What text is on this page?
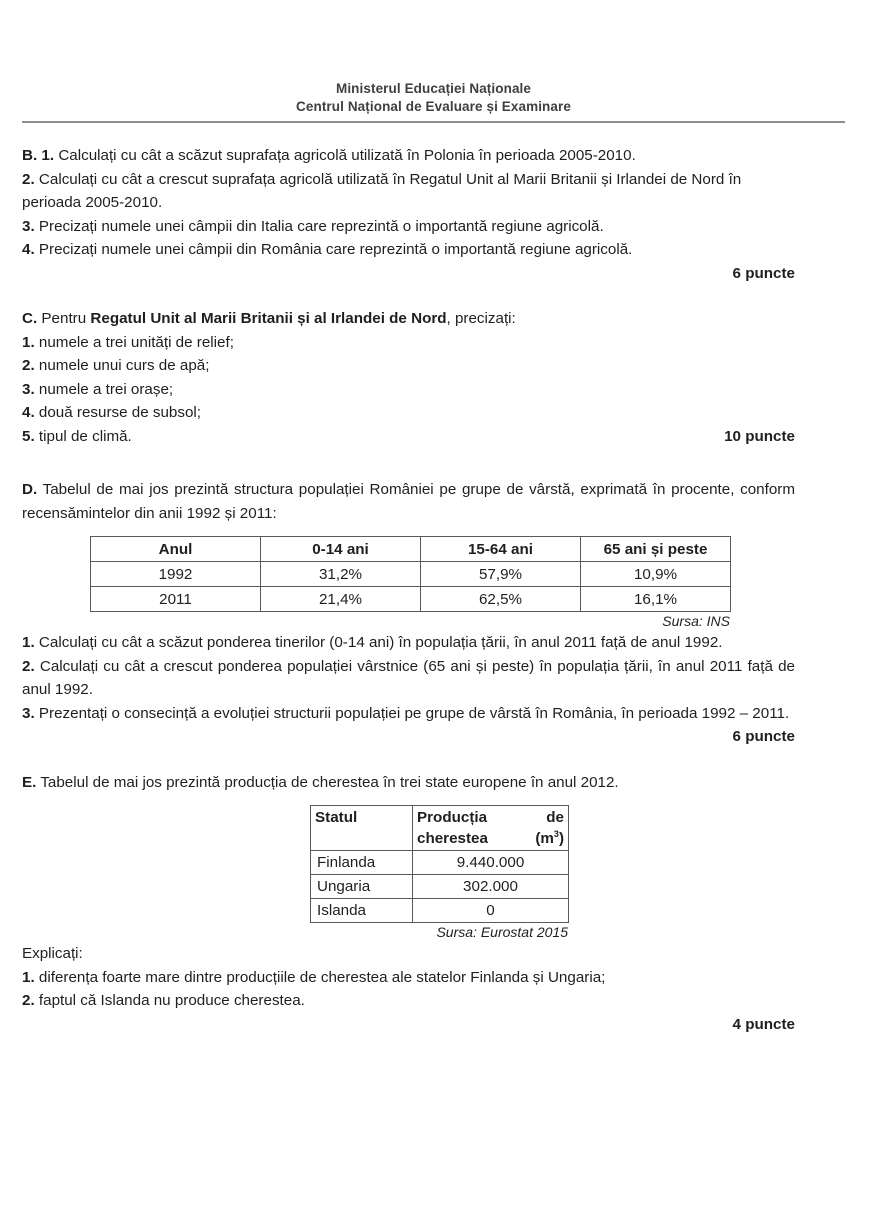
Ministerul Educației Naționale
Centrul Național de Evaluare și Examinare
B. 1. Calculați cu cât a scăzut suprafața agricolă utilizată în Polonia în perioada 2005-2010.
2. Calculați cu cât a crescut suprafața agricolă utilizată în Regatul Unit al Marii Britanii și Irlandei de Nord în perioada 2005-2010.
3. Precizați numele unei câmpii din Italia care reprezintă o importantă regiune agricolă.
4. Precizați numele unei câmpii din România care reprezintă o importantă regiune agricolă.
6 puncte
C. Pentru Regatul Unit al Marii Britanii și al Irlandei de Nord, precizați:
1. numele a trei unități de relief;
2. numele unui curs de apă;
3. numele a trei orașe;
4. două resurse de subsol;
5. tipul de climă.	10 puncte
D. Tabelul de mai jos prezintă structura populației României pe grupe de vârstă, exprimată în procente, conform recensămintelor din anii 1992 și 2011:
Anul	0-14 ani	15-64 ani	65 ani și peste
1992	31,2%	57,9%	10,9%
2011	21,4%	62,5%	16,1%
Sursa: INS
1. Calculați cu cât a scăzut ponderea tinerilor (0-14 ani) în populația țării, în anul 2011 față de anul 1992.
2. Calculați cu cât a crescut ponderea populației vârstnice (65 ani și peste) în populația țării, în anul 2011 față de anul 1992.
3. Prezentați o consecință a evoluției structurii populației pe grupe de vârstă în România, în perioada 1992 – 2011.
6 puncte
E. Tabelul de mai jos prezintă producția de cherestea în trei state europene în anul 2012.
Statul	Producția de
cherestea $(m^3)$
Finlanda	9.440.000
Ungaria	302.000
Islanda	0
Sursa: Eurostat 2015
Explicați:
1. diferența foarte mare dintre producțiile de cherestea ale statelor Finlanda și Ungaria;
2. faptul că Islanda nu produce cherestea.
4 puncte
